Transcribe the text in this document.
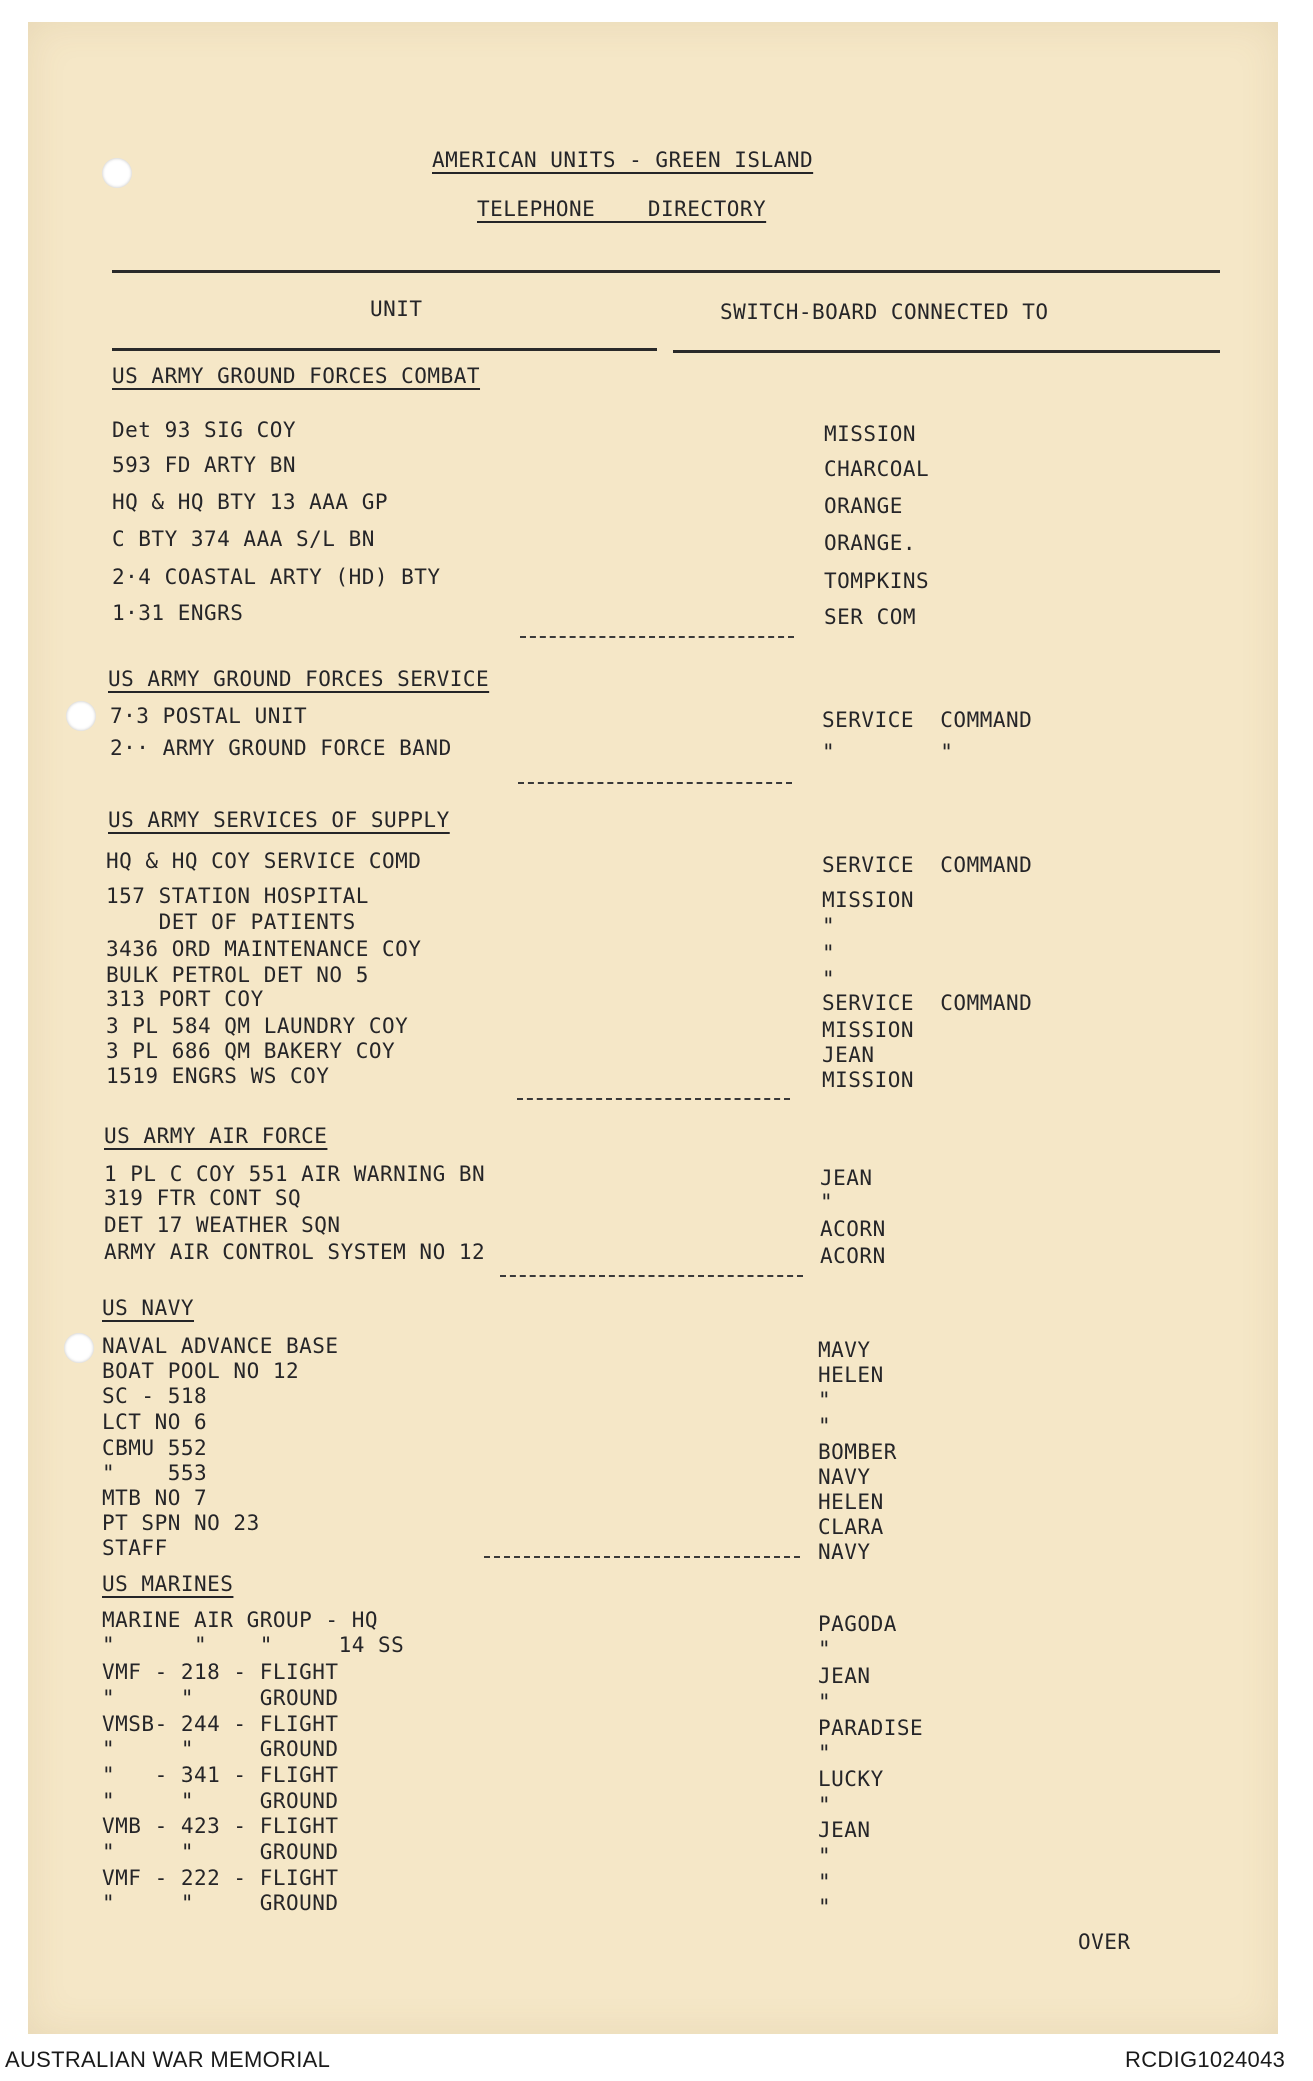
AMERICAN UNITS - GREEN ISLAND
TELEPHONE    DIRECTORY
UNIT	SWITCH-BOARD CONNECTED TO
US ARMY GROUND FORCES COMBAT
Det 93 SIG COY	MISSION
593 FD ARTY BN	CHARCOAL
HQ & HQ BTY 13 AAA GP	ORANGE
C BTY 374 AAA S/L BN	ORANGE.
2·4 COASTAL ARTY (HD) BTY	TOMPKINS
1·31 ENGRS	SER COM
US ARMY GROUND FORCES SERVICE
7·3 POSTAL UNIT	SERVICE  COMMAND
2·· ARMY GROUND FORCE BAND	"        "
US ARMY SERVICES OF SUPPLY
HQ & HQ COY SERVICE COMD	SERVICE  COMMAND
157 STATION HOSPITAL	MISSION
DET OF PATIENTS	"
3436 ORD MAINTENANCE COY	"
BULK PETROL DET NO 5	"
313 PORT COY	SERVICE  COMMAND
3 PL 584 QM LAUNDRY COY	MISSION
3 PL 686 QM BAKERY COY	JEAN
1519 ENGRS WS COY	MISSION
US ARMY AIR FORCE
1 PL C COY 551 AIR WARNING BN	JEAN
319 FTR CONT SQ	"
DET 17 WEATHER SQN	ACORN
ARMY AIR CONTROL SYSTEM NO 12	ACORN
US NAVY
NAVAL ADVANCE BASE	MAVY
BOAT POOL NO 12	HELEN
SC - 518	"
LCT NO 6	"
CBMU 552	BOMBER
"    553	NAVY
MTB NO 7	HELEN
PT SPN NO 23	CLARA
STAFF	NAVY
US MARINES
MARINE AIR GROUP - HQ	PAGODA
"      "    "     14 SS	"
VMF - 218 - FLIGHT	JEAN
"     "     GROUND	"
VMSB- 244 - FLIGHT	PARADISE
"     "     GROUND	"
"   - 341 - FLIGHT	LUCKY
"     "     GROUND	"
VMB - 423 - FLIGHT	JEAN
"     "     GROUND	"
VMF - 222 - FLIGHT	"
"     "     GROUND	"
OVER
AUSTRALIAN WAR MEMORIAL	RCDIG1024043
